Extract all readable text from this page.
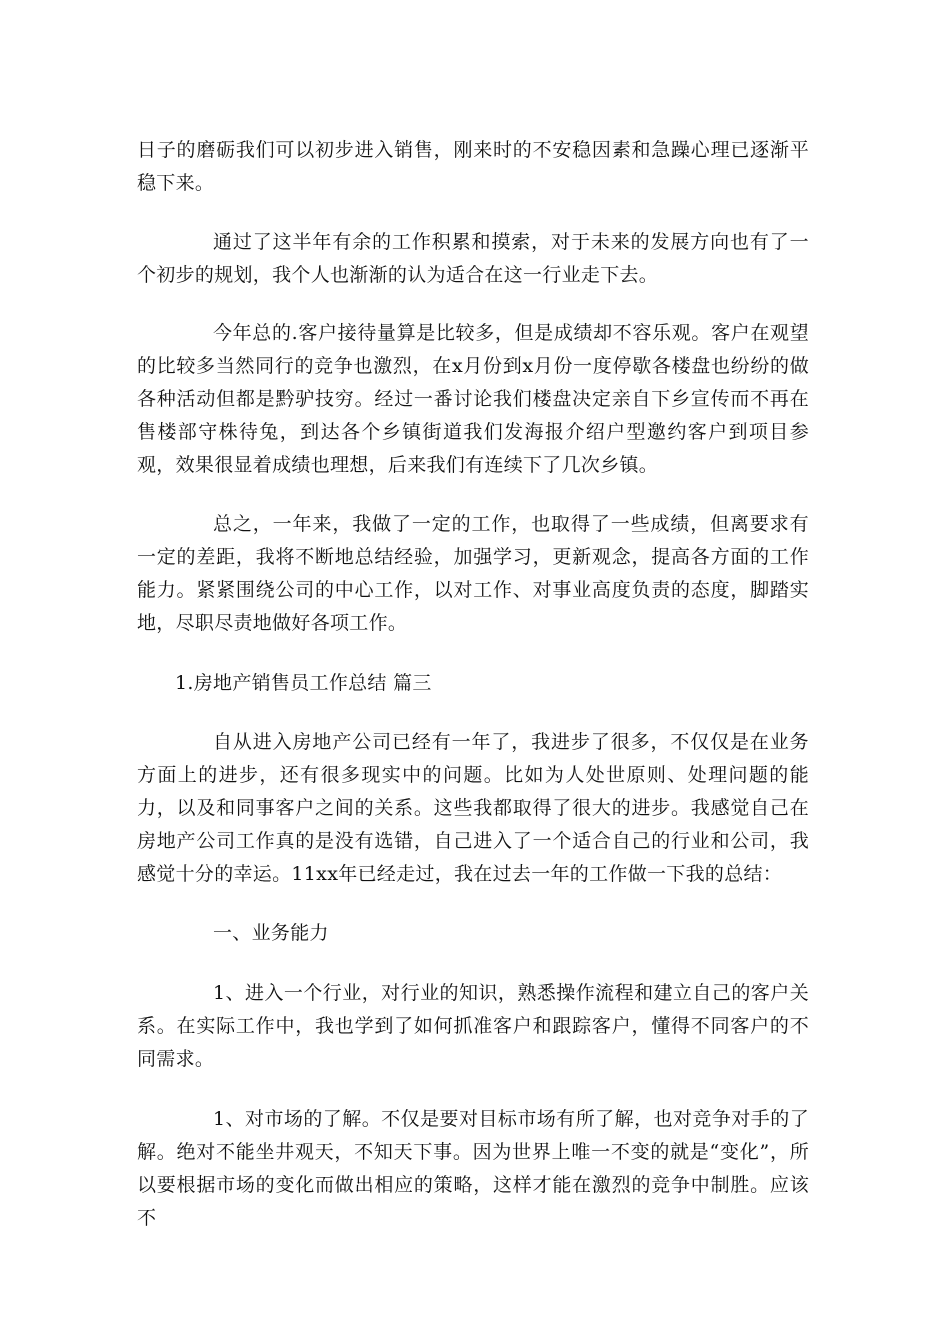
日子的磨砺我们可以初步进入销售，刚来时的不安稳因素和急躁心理已逐渐平稳下来。

通过了这半年有余的工作积累和摸索，对于未来的发展方向也有了一个初步的规划，我个人也渐渐的认为适合在这一行业走下去。

今年总的.客户接待量算是比较多，但是成绩却不容乐观。客户在观望的比较多当然同行的竞争也激烈，在x月份到x月份一度停歇各楼盘也纷纷的做各种活动但都是黔驴技穷。经过一番讨论我们楼盘决定亲自下乡宣传而不再在售楼部守株待兔，到达各个乡镇街道我们发海报介绍户型邀约客户到项目参观，效果很显着成绩也理想，后来我们有连续下了几次乡镇。

总之，一年来，我做了一定的工作，也取得了一些成绩，但离要求有一定的差距，我将不断地总结经验，加强学习，更新观念，提高各方面的工作能力。紧紧围绕公司的中心工作，以对工作、对事业高度负责的态度，脚踏实地，尽职尽责地做好各项工作。

1.房地产销售员工作总结 篇三

自从进入房地产公司已经有一年了，我进步了很多，不仅仅是在业务方面上的进步，还有很多现实中的问题。比如为人处世原则、处理问题的能力，以及和同事客户之间的关系。这些我都取得了很大的进步。我感觉自己在房地产公司工作真的是没有选错，自己进入了一个适合自己的行业和公司，我感觉十分的幸运。11xx年已经走过，我在过去一年的工作做一下我的总结：

一、业务能力

1、进入一个行业，对行业的知识，熟悉操作流程和建立自己的客户关系。在实际工作中，我也学到了如何抓准客户和跟踪客户，懂得不同客户的不同需求。

1、对市场的了解。不仅是要对目标市场有所了解，也对竞争对手的了解。绝对不能坐井观天，不知天下事。因为世界上唯一不变的就是“变化”，所以要根据市场的变化而做出相应的策略，这样才能在激烈的竞争中制胜。应该不
